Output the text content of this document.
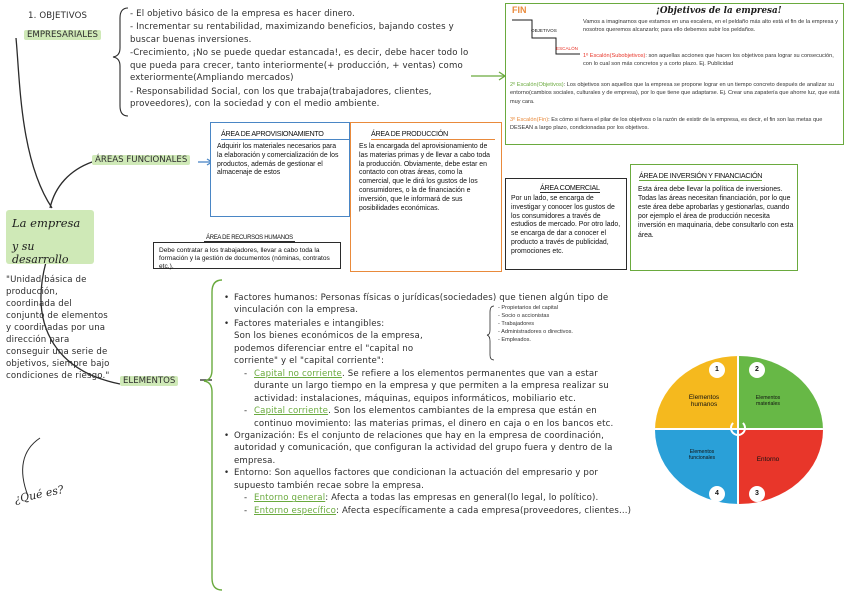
La empresa
y su desarrollo
"Unidad básica de producción, coordinada del conjunto de elementos y coordinadas por una dirección para conseguir una serie de objetivos, siempre bajo condiciones de riesgo."
¿Qué es?
1. OBJETIVOS
EMPRESARIALES
- El objetivo básico de la empresa es hacer dinero.
- Incrementar su rentabilidad, maximizando beneficios, bajando costes y buscar buenas inversiones.
-Crecimiento, ¡No se puede quedar estancada!, es decir, debe hacer todo lo que pueda para crecer, tanto interiormente(+ producción, + ventas) como exteriormente(Ampliando mercados)
- Responsabilidad Social, con los que trabaja(trabajadores, clientes, proveedores), con la sociedad y con el medio ambiente.
FIN
OBJETIVOS
ESCALÓN
¡Objetivos de la empresa!
Vamos a imaginarnos que estamos en una escalera, en el peldaño más alto está el fin de la empresa y nosotros queremos alcanzarlo; para ello debemos subir los peldaños.
1º Escalón(Subobjetivos): son aquellas acciones que hacen los objetivos para lograr su consecución, con lo cual son más concretos y a corto plazo. Ej. Publicidad
2º Escalón(Objetivos): Los objetivos son aquellos que la empresa se propone lograr en un tiempo concreto después de analizar su entorno(cambios sociales, culturales y de empresa), por lo que tiene que adaptarse. Ej. Crear una zapatería que ahorre luz, que está muy cara.
3º Escalón(Fin): Es cómo si fuera el pilar de los objetivos o la razón de existir de la empresa, es decir, el fin son las metas que DESEAN a largo plazo, condicionadas por los objetivos.
ÁREAS FUNCIONALES
ÁREA DE APROVISIONAMIENTO
Adquirir los materiales necesarios para la elaboración y comercialización de los productos, además de gestionar el almacenaje de estos
ÁREA DE PRODUCCIÓN
Es la encargada del aprovisionamiento de las materias primas y de llevar a cabo toda la producción. Obviamente, debe estar en contacto con otras áreas, como la comercial, que le dirá los gustos de los consumidores, o la de financiación e inversión, que le informará de sus posibilidades económicas.
ÁREA DE RECURSOS HUMANOS
Debe contratar a los trabajadores, llevar a cabo toda la formación y la gestión de documentos (nóminas, contratos etc.).
ÁREA COMERCIAL
Por un lado, se encarga de investigar y conocer los gustos de los consumidores a través de estudios de mercado. Por otro lado, se encarga de dar a conocer el producto a través de publicidad, promociones etc.
ÁREA DE INVERSIÓN Y FINANCIACIÓN
Esta área debe llevar la política de inversiones. Todas las áreas necesitan financiación, por lo que este área debe aprobarlas y gestionarlas, cuando por ejemplo el área de producción necesita inversión en maquinaria, debe consultarlo con esta área.
ELEMENTOS
• Factores humanos: Personas físicas o jurídicas(sociedades) que tienen algún tipo de vinculación con la empresa.
• Factores materiales e intangibles:
Son los bienes económicos de la empresa, podemos diferenciar entre el "capital no corriente" y el "capital corriente":
- Capital no corriente. Se refiere a los elementos permanentes que van a estar durante un largo tiempo en la empresa y que permiten a la empresa realizar su actividad: instalaciones, máquinas, equipos informáticos, mobiliario etc.
- Capital corriente. Son los elementos cambiantes de la empresa que están en continuo movimiento: las materias primas, el dinero en caja o en los bancos etc.
• Organización: Es el conjunto de relaciones que hay en la empresa de coordinación, autoridad y comunicación, que configuran la actividad del grupo fuera y dentro de la empresa.
• Entorno: Son aquellos factores que condicionan la actuación del empresario y por supuesto también recae sobre la empresa.
- Entorno general: Afecta a todas las empresas en general(lo legal, lo político).
- Entorno específico: Afecta específicamente a cada empresa(proveedores, clientes...)
- Propietarios del capital
- Socio o accionistas
- Trabajadores
- Administradores o directivos.
- Empleados.
1	2
3
4
Elementos humanos
Elementos materiales
Entorno
Elementos funcionales
